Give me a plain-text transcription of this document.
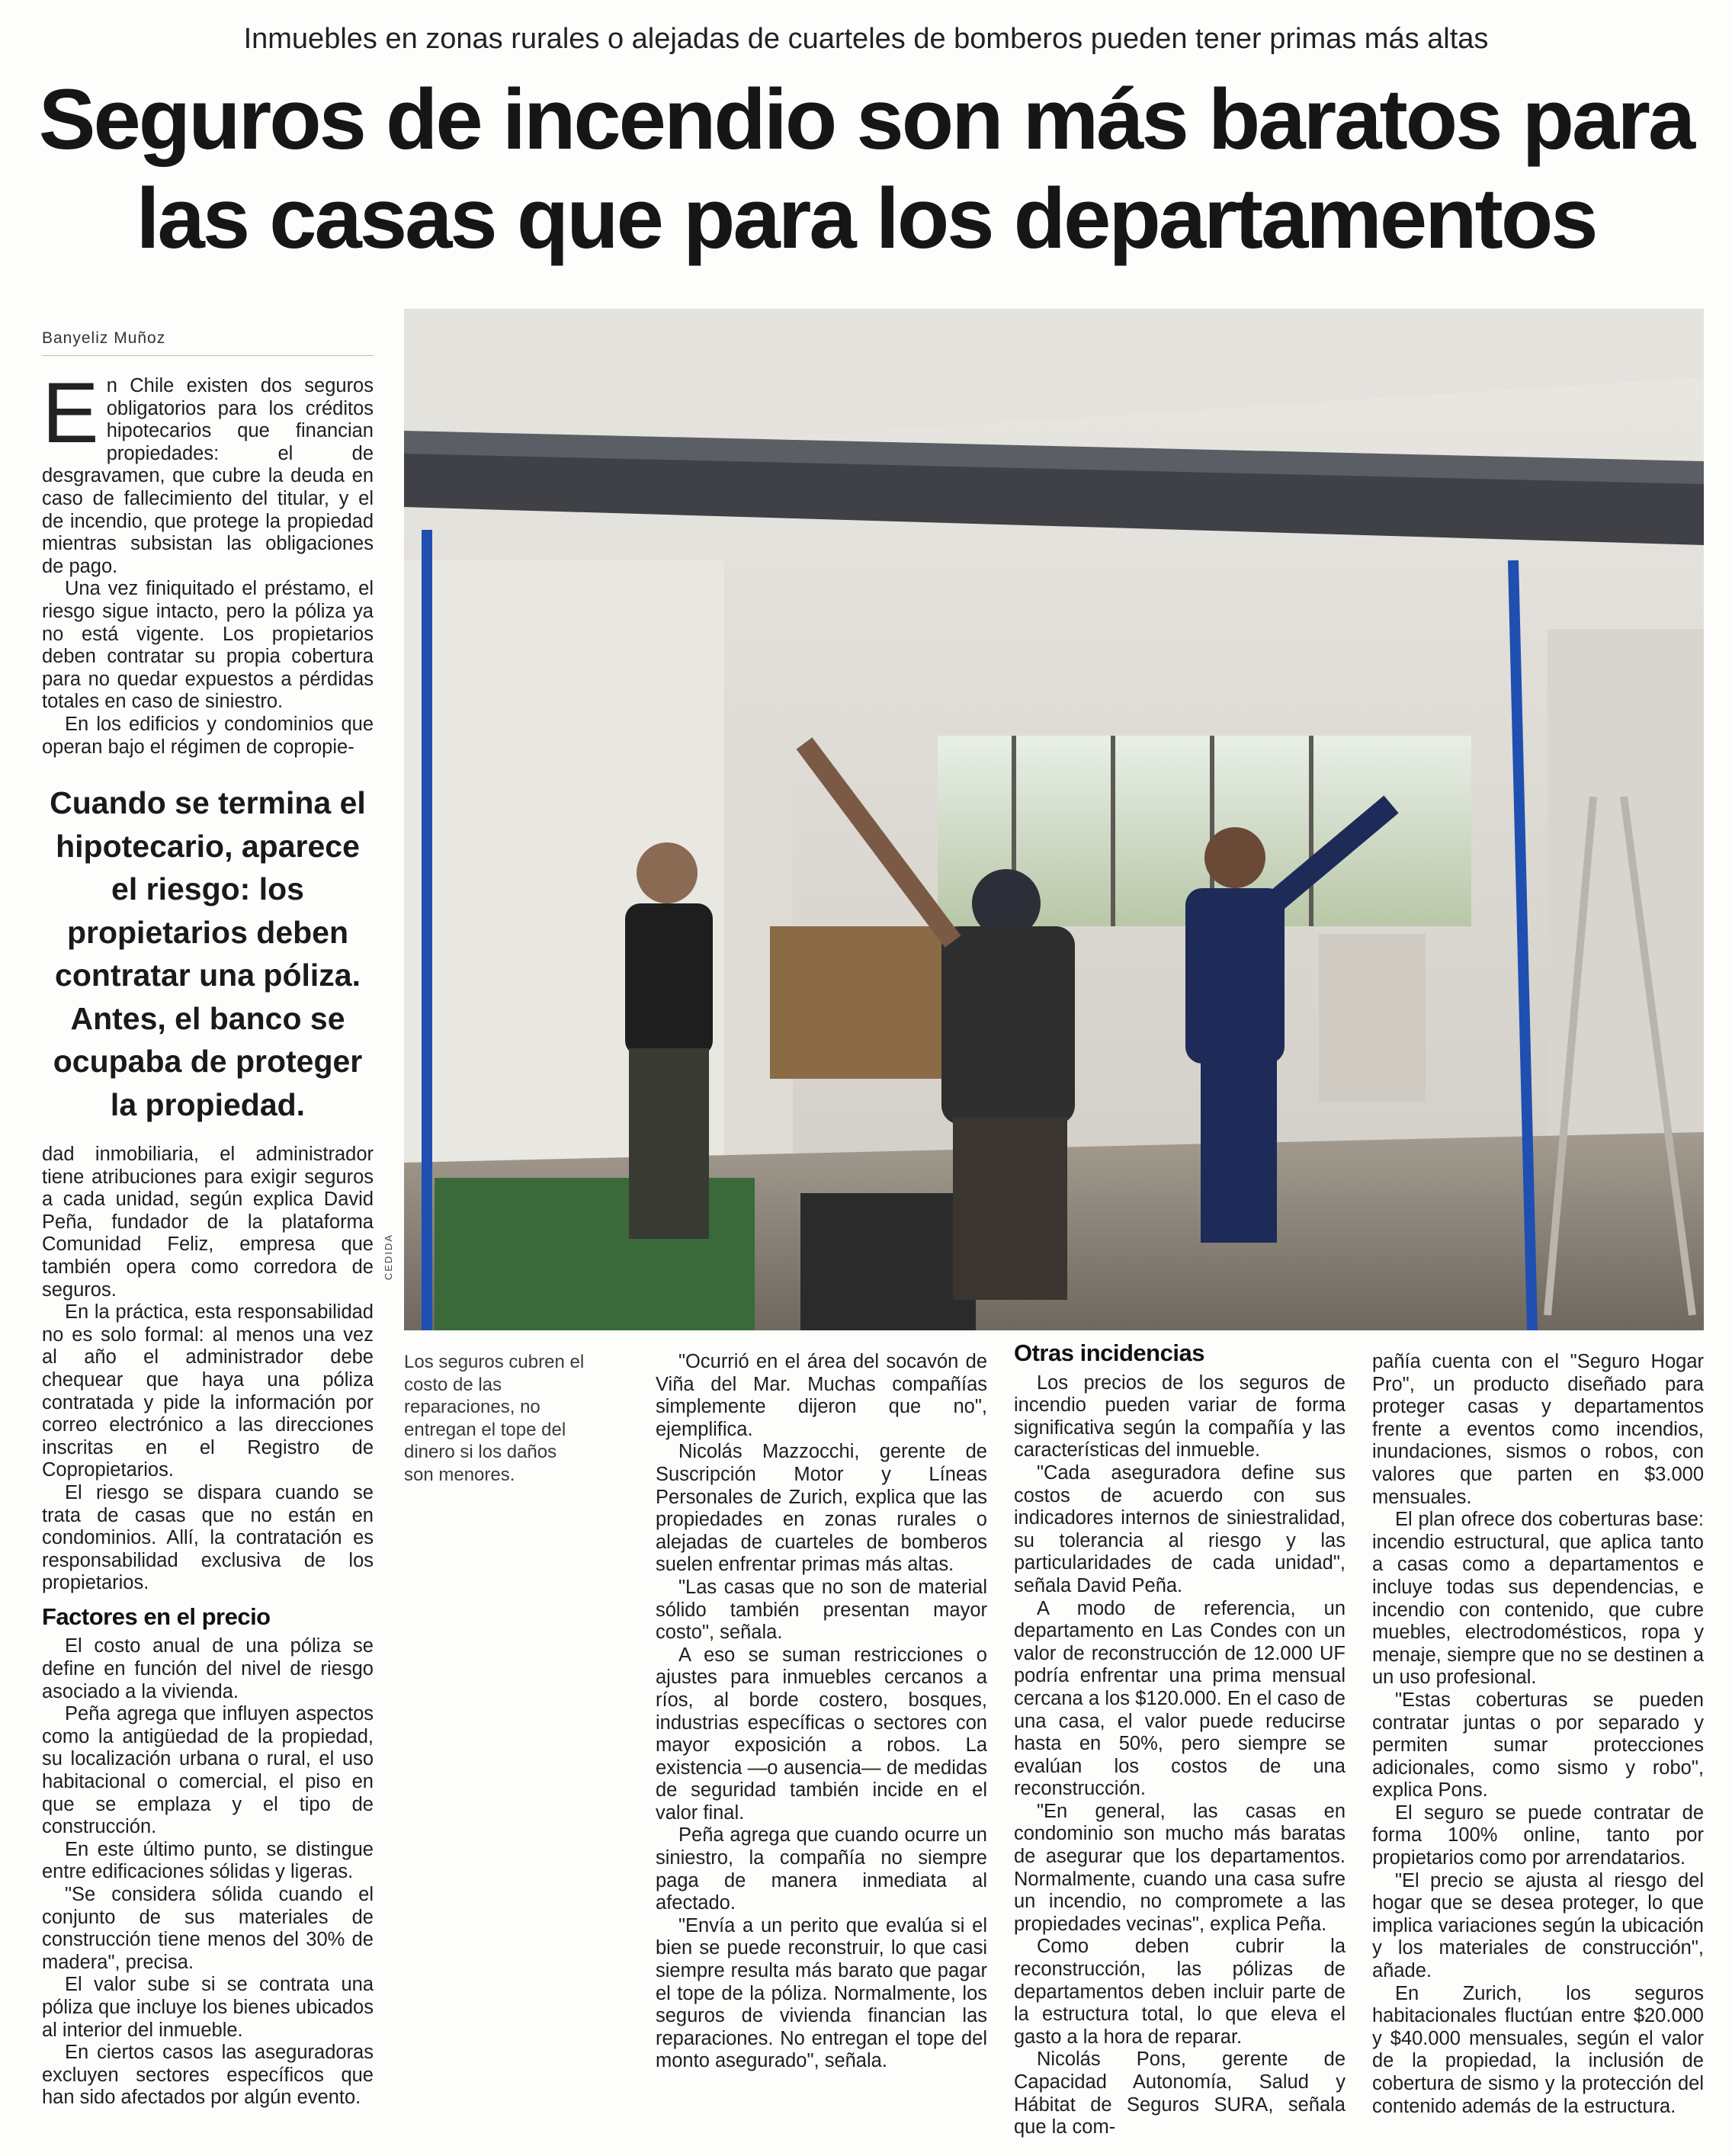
Inmuebles en zonas rurales o alejadas de cuarteles de bomberos pueden tener primas más altas
Seguros de incendio son más baratos para
las casas que para los departamentos
Banyeliz Muñoz

En Chile existen dos seguros obligatorios para los créditos hipotecarios que financian propiedades: el de desgravamen, que cubre la deuda en caso de fallecimiento del titular, y el de incendio, que protege la propiedad mientras subsistan las obligaciones de pago.

Una vez finiquitado el préstamo, el riesgo sigue intacto, pero la póliza ya no está vigente. Los propietarios deben contratar su propia cobertura para no quedar expuestos a pérdidas totales en caso de siniestro.

En los edificios y condominios que operan bajo el régimen de copropie-

Cuando se termina el hipotecario, aparece el riesgo: los propietarios deben contratar una póliza. Antes, el banco se ocupaba de proteger la propiedad.

dad inmobiliaria, el administrador tiene atribuciones para exigir seguros a cada unidad, según explica David Peña, fundador de la plataforma Comunidad Feliz, empresa que también opera como corredora de seguros.

En la práctica, esta responsabilidad no es solo formal: al menos una vez al año el administrador debe chequear que haya una póliza contratada y pide la información por correo electrónico a las direcciones inscritas en el Registro de Copropietarios.

El riesgo se dispara cuando se trata de casas que no están en condominios. Allí, la contratación es responsabilidad exclusiva de los propietarios.

Factores en el precio

El costo anual de una póliza se define en función del nivel de riesgo asociado a la vivienda.

Peña agrega que influyen aspectos como la antigüedad de la propiedad, su localización urbana o rural, el uso habitacional o comercial, el piso en que se emplaza y el tipo de construcción.

En este último punto, se distingue entre edificaciones sólidas y ligeras.

"Se considera sólida cuando el conjunto de sus materiales de construcción tiene menos del 30% de madera", precisa.

El valor sube si se contrata una póliza que incluye los bienes ubicados al interior del inmueble.

En ciertos casos las aseguradoras excluyen sectores específicos que han sido afectados por algún evento.

CEDIDA
Los seguros cubren el costo de las reparaciones, no entregan el tope del dinero si los daños son menores.

"Ocurrió en el área del socavón de Viña del Mar. Muchas compañías simplemente dijeron que no", ejemplifica.

Nicolás Mazzocchi, gerente de Suscripción Motor y Líneas Personales de Zurich, explica que las propiedades en zonas rurales o alejadas de cuarteles de bomberos suelen enfrentar primas más altas.

"Las casas que no son de material sólido también presentan mayor costo", señala.

A eso se suman restricciones o ajustes para inmuebles cercanos a ríos, al borde costero, bosques, industrias específicas o sectores con mayor exposición a robos. La existencia —o ausencia— de medidas de seguridad también incide en el valor final.

Peña agrega que cuando ocurre un siniestro, la compañía no siempre paga de manera inmediata al afectado.

"Envía a un perito que evalúa si el bien se puede reconstruir, lo que casi siempre resulta más barato que pagar el tope de la póliza. Normalmente, los seguros de vivienda financian las reparaciones. No entregan el tope del monto asegurado", señala.

Otras incidencias

Los precios de los seguros de incendio pueden variar de forma significativa según la compañía y las características del inmueble.

"Cada aseguradora define sus costos de acuerdo con sus indicadores internos de siniestralidad, su tolerancia al riesgo y las particularidades de cada unidad", señala David Peña.

A modo de referencia, un departamento en Las Condes con un valor de reconstrucción de 12.000 UF podría enfrentar una prima mensual cercana a los $120.000. En el caso de una casa, el valor puede reducirse hasta en 50%, pero siempre se evalúan los costos de una reconstrucción.

"En general, las casas en condominio son mucho más baratas de asegurar que los departamentos. Normalmente, cuando una casa sufre un incendio, no compromete a las propiedades vecinas", explica Peña.

Como deben cubrir la reconstrucción, las pólizas de departamentos deben incluir parte de la estructura total, lo que eleva el gasto a la hora de reparar.

Nicolás Pons, gerente de Capacidad Autonomía, Salud y Hábitat de Seguros SURA, señala que la com-

pañía cuenta con el "Seguro Hogar Pro", un producto diseñado para proteger casas y departamentos frente a eventos como incendios, inundaciones, sismos o robos, con valores que parten en $3.000 mensuales.

El plan ofrece dos coberturas base: incendio estructural, que aplica tanto a casas como a departamentos e incluye todas sus dependencias, e incendio con contenido, que cubre muebles, electrodomésticos, ropa y menaje, siempre que no se destinen a un uso profesional.

"Estas coberturas se pueden contratar juntas o por separado y permiten sumar protecciones adicionales, como sismo y robo", explica Pons.

El seguro se puede contratar de forma 100% online, tanto por propietarios como por arrendatarios.

"El precio se ajusta al riesgo del hogar que se desea proteger, lo que implica variaciones según la ubicación y los materiales de construcción", añade.

En Zurich, los seguros habitacionales fluctúan entre $20.000 y $40.000 mensuales, según el valor de la propiedad, la inclusión de cobertura de sismo y la protección del contenido además de la estructura.
